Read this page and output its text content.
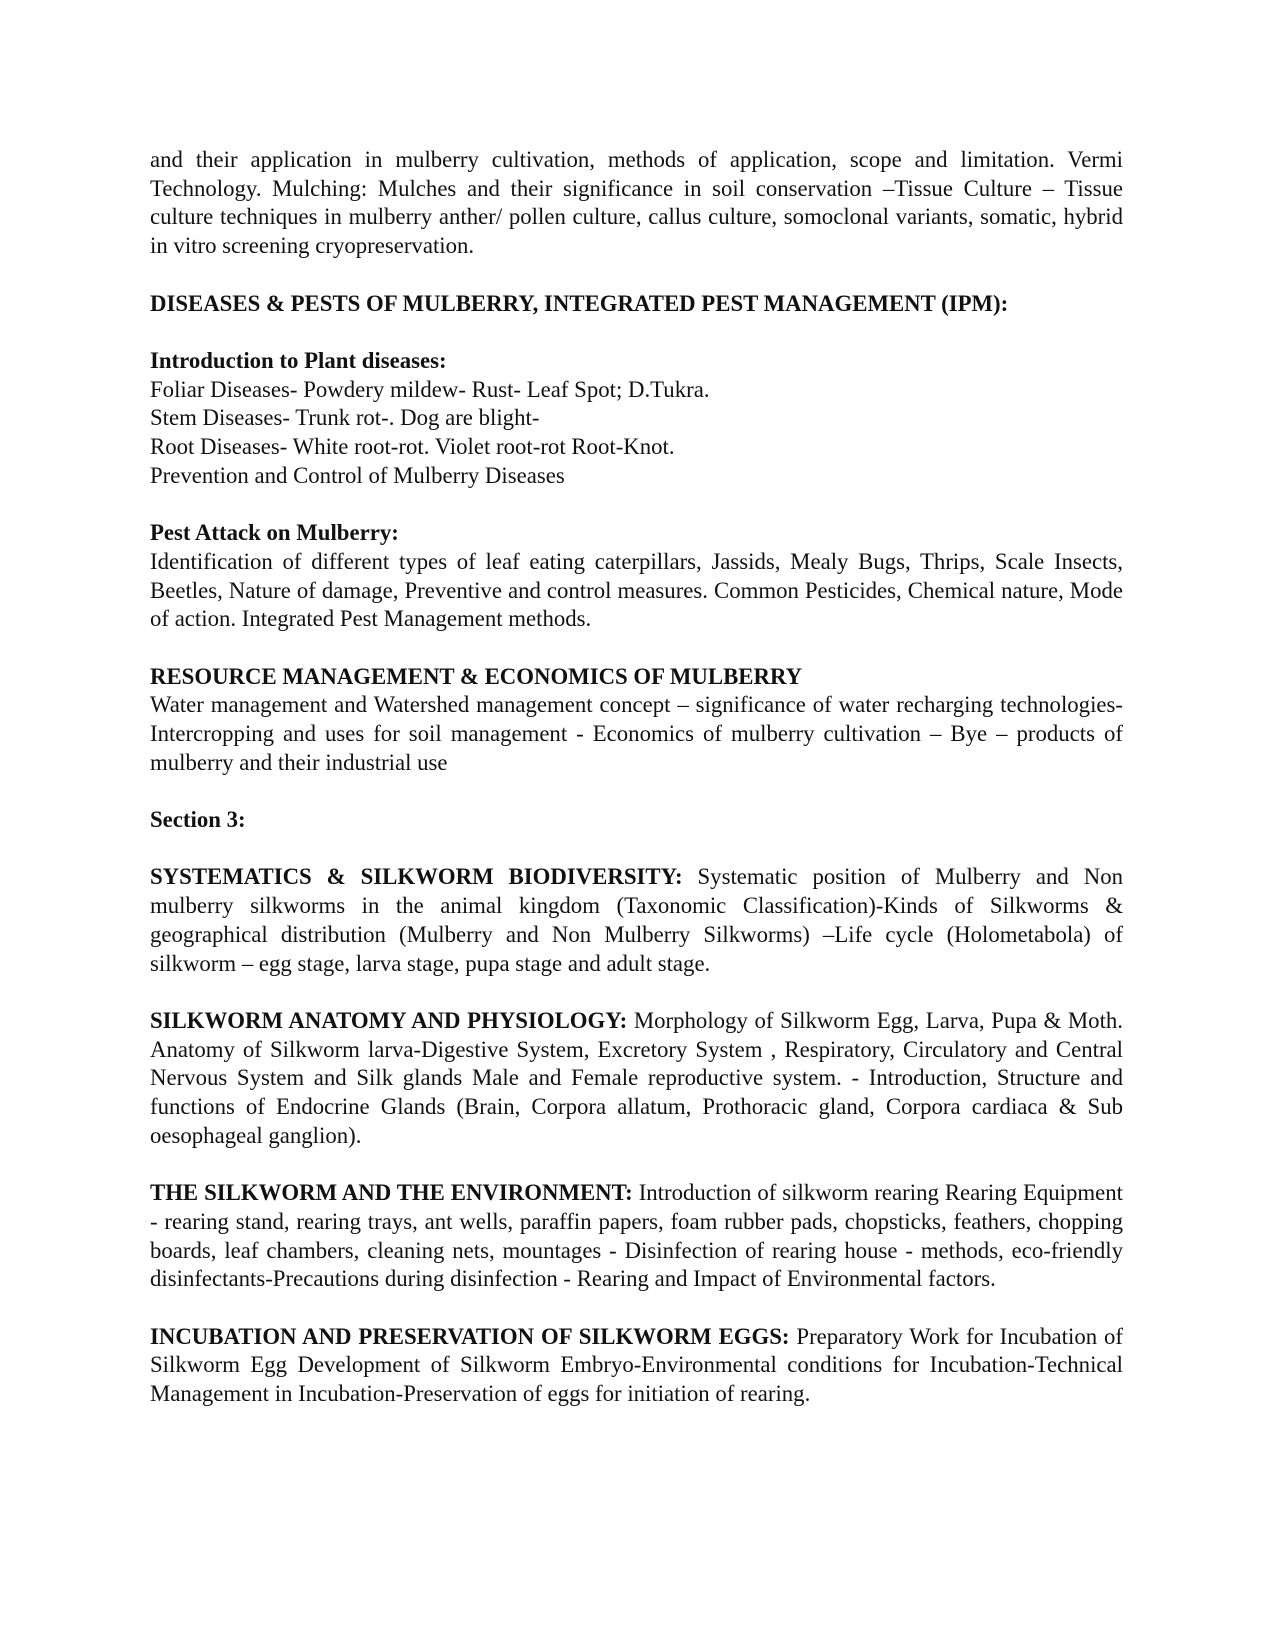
and their application in mulberry cultivation, methods of application, scope and limitation. Vermi Technology. Mulching: Mulches and their significance in soil conservation –Tissue Culture – Tissue culture techniques in mulberry anther/ pollen culture, callus culture, somoclonal variants, somatic, hybrid in vitro screening cryopreservation.

DISEASES & PESTS OF MULBERRY, INTEGRATED PEST MANAGEMENT (IPM):

Introduction to Plant diseases:

Foliar Diseases- Powdery mildew- Rust- Leaf Spot; D.Tukra.
Stem Diseases- Trunk rot-. Dog are blight-
Root Diseases- White root-rot. Violet root-rot Root-Knot.
Prevention and Control of Mulberry Diseases

Pest Attack on Mulberry:

Identification of different types of leaf eating caterpillars, Jassids, Mealy Bugs, Thrips, Scale Insects, Beetles, Nature of damage, Preventive and control measures. Common Pesticides, Chemical nature, Mode of action. Integrated Pest Management methods.

RESOURCE MANAGEMENT & ECONOMICS OF MULBERRY

Water management and Watershed management concept – significance of water recharging technologies-Intercropping and uses for soil management - Economics of mulberry cultivation – Bye – products of mulberry and their industrial use

Section 3:

SYSTEMATICS & SILKWORM BIODIVERSITY: Systematic position of Mulberry and Non mulberry silkworms in the animal kingdom (Taxonomic Classification)-Kinds of Silkworms & geographical distribution (Mulberry and Non Mulberry Silkworms) –Life cycle (Holometabola) of silkworm – egg stage, larva stage, pupa stage and adult stage.

SILKWORM ANATOMY AND PHYSIOLOGY: Morphology of Silkworm Egg, Larva, Pupa & Moth. Anatomy of Silkworm larva-Digestive System, Excretory System , Respiratory, Circulatory and Central Nervous System and Silk glands Male and Female reproductive system. - Introduction, Structure and functions of Endocrine Glands (Brain, Corpora allatum, Prothoracic gland, Corpora cardiaca & Sub oesophageal ganglion).

THE SILKWORM AND THE ENVIRONMENT: Introduction of silkworm rearing Rearing Equipment - rearing stand, rearing trays, ant wells, paraffin papers, foam rubber pads, chopsticks, feathers, chopping boards, leaf chambers, cleaning nets, mountages - Disinfection of rearing house - methods, eco-friendly disinfectants-Precautions during disinfection - Rearing and Impact of Environmental factors.

INCUBATION AND PRESERVATION OF SILKWORM EGGS: Preparatory Work for Incubation of Silkworm Egg Development of Silkworm Embryo-Environmental conditions for Incubation-Technical Management in Incubation-Preservation of eggs for initiation of rearing.
